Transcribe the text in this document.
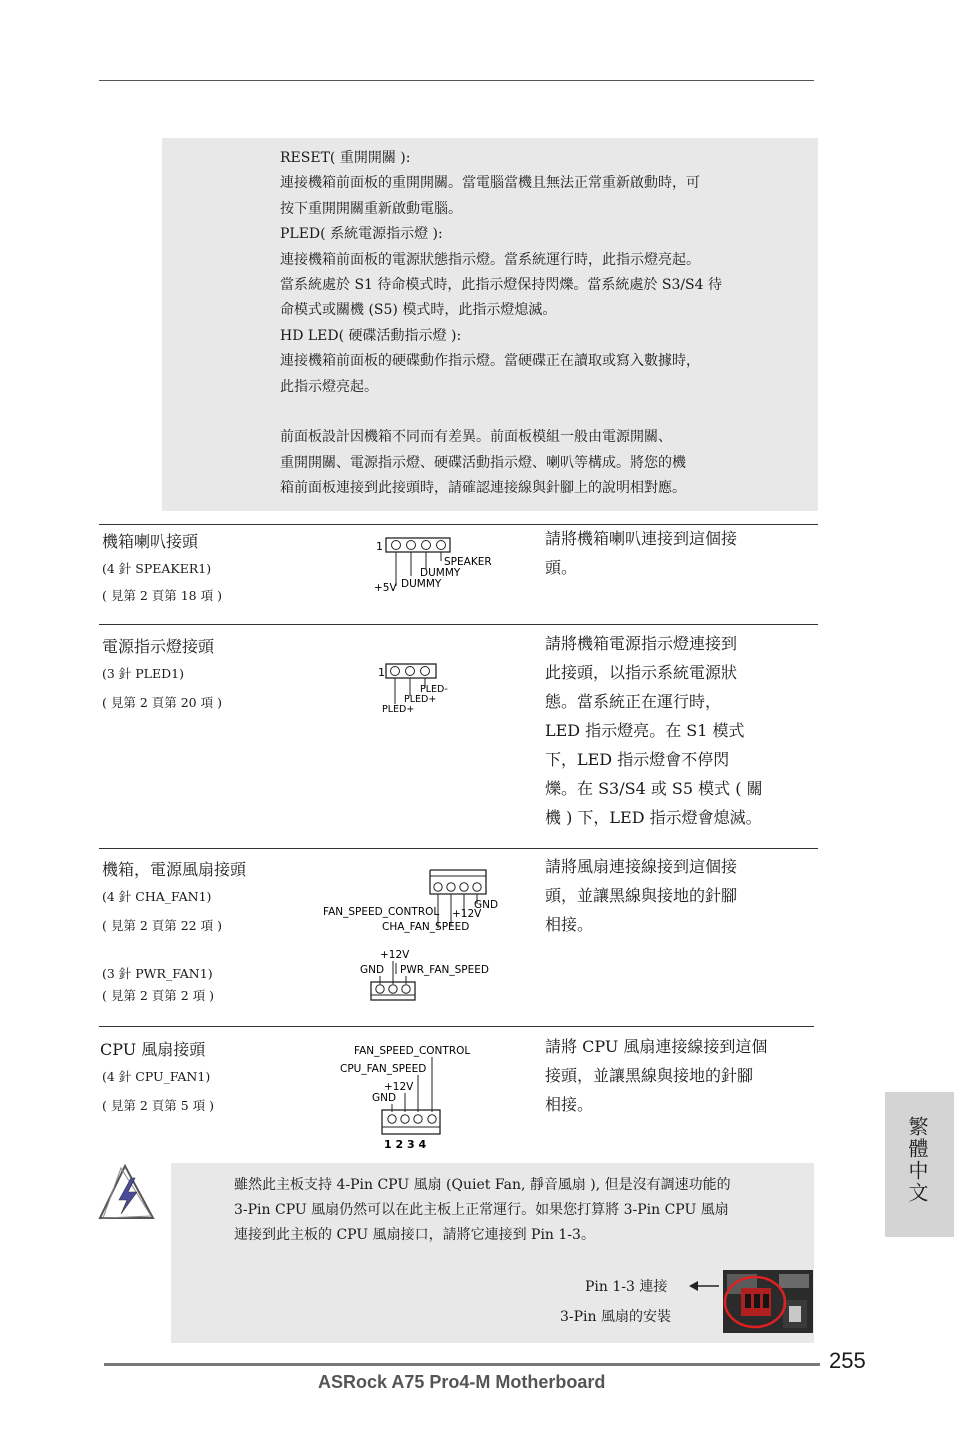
RESET( 重開開關 ):
連接機箱前面板的重開開關。當電腦當機且無法正常重新啟動時，可
按下重開開關重新啟動電腦。
PLED( 系統電源指示燈 ):
連接機箱前面板的電源狀態指示燈。當系統運行時，此指示燈亮起。
當系統處於 S1 待命模式時，此指示燈保持閃爍。當系統處於 S3/S4 待
命模式或關機 (S5) 模式時，此指示燈熄滅。
HD LED( 硬碟活動指示燈 ):
連接機箱前面板的硬碟動作指示燈。當硬碟正在讀取或寫入數據時，
此指示燈亮起。

前面板設計因機箱不同而有差異。前面板模組一般由電源開關、
重開開關、電源指示燈、硬碟活動指示燈、喇叭等構成。將您的機
箱前面板連接到此接頭時，請確認連接線與針腳上的說明相對應。
機箱喇叭接頭
(4 針 SPEAKER1)
( 見第 2 頁第 18 項 )
1
SPEAKER
DUMMY
+5V DUMMY
請將機箱喇叭連接到這個接
頭。
電源指示燈接頭
(3 針 PLED1)
( 見第 2 頁第 20 項 )
1
PLED-
PLED+
PLED+
請將機箱電源指示燈連接到
此接頭，以指示系統電源狀
態。當系統正在運行時，
LED 指示燈亮。在 S1 模式
下，LED 指示燈會不停閃
爍。在 S3/S4 或 S5 模式 ( 關
機 ) 下，LED 指示燈會熄滅。
機箱，電源風扇接頭
(4 針 CHA_FAN1)
( 見第 2 頁第 22 項 )
(3 針 PWR_FAN1)
( 見第 2 頁第 2 項 )
GND
FAN_SPEED_CONTROL +12V
CHA_FAN_SPEED
+12V
GND PWR_FAN_SPEED
請將風扇連接線接到這個接
頭，並讓黑線與接地的針腳
相接。
CPU 風扇接頭
(4 針 CPU_FAN1)
( 見第 2 頁第 5 項 )
FAN_SPEED_CONTROL
CPU_FAN_SPEED
+12V
GND
1 2 3 4
請將 CPU 風扇連接線接到這個
接頭，並讓黑線與接地的針腳
相接。
雖然此主板支持 4-Pin CPU 風扇 (Quiet Fan, 靜音風扇 ), 但是沒有調速功能的
3-Pin CPU 風扇仍然可以在此主板上正常運行。如果您打算將 3-Pin CPU 風扇
連接到此主板的 CPU 風扇接口，請將它連接到 Pin 1-3。
Pin 1-3 連接
3-Pin 風扇的安裝
繁體中文
255
ASRock A75 Pro4-M Motherboard
